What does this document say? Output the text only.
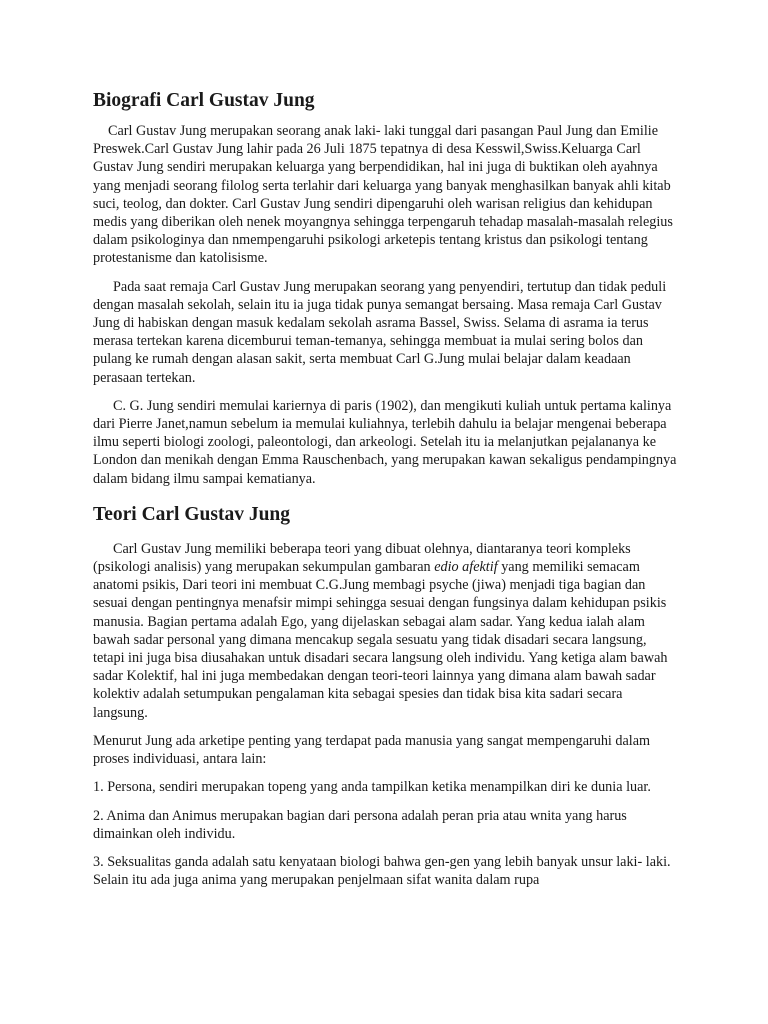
Biografi Carl Gustav Jung

Carl Gustav Jung merupakan seorang anak laki- laki tunggal dari pasangan Paul Jung dan Emilie Preswek.Carl Gustav Jung lahir pada 26 Juli 1875 tepatnya di desa Kesswil,Swiss.Keluarga Carl Gustav Jung sendiri merupakan keluarga yang berpendidikan, hal ini juga di buktikan oleh ayahnya yang menjadi seorang filolog serta terlahir dari keluarga yang banyak menghasilkan banyak ahli kitab suci, teolog, dan dokter. Carl Gustav Jung sendiri dipengaruhi oleh warisan religius dan kehidupan medis yang diberikan oleh nenek moyangnya sehingga terpengaruh tehadap masalah-masalah relegius dalam psikologinya dan nmempengaruhi psikologi arketepis tentang kristus dan psikologi tentang protestanisme dan katolisisme.

Pada saat remaja Carl Gustav Jung merupakan seorang yang penyendiri, tertutup dan tidak peduli dengan masalah sekolah, selain itu ia juga tidak punya semangat bersaing. Masa remaja Carl Gustav Jung di habiskan dengan masuk kedalam sekolah asrama Bassel, Swiss. Selama di asrama ia terus merasa tertekan karena dicemburui teman-temanya, sehingga membuat ia mulai sering bolos dan pulang ke rumah dengan alasan sakit, serta membuat Carl G.Jung mulai belajar dalam keadaan perasaan tertekan.

C. G. Jung sendiri memulai kariernya di paris (1902), dan mengikuti kuliah untuk pertama kalinya dari Pierre Janet,namun sebelum ia memulai kuliahnya, terlebih dahulu ia belajar mengenai beberapa ilmu seperti biologi zoologi, paleontologi, dan arkeologi. Setelah itu ia melanjutkan pejalananya ke London dan menikah dengan Emma Rauschenbach, yang merupakan kawan sekaligus pendampingnya dalam bidang ilmu sampai kematianya.

Teori Carl Gustav Jung

Carl Gustav Jung memiliki beberapa teori yang dibuat olehnya, diantaranya teori kompleks (psikologi analisis) yang merupakan sekumpulan gambaran edio afektif yang memiliki semacam anatomi psikis, Dari teori ini membuat C.G.Jung membagi psyche (jiwa) menjadi tiga bagian dan sesuai dengan pentingnya menafsir mimpi sehingga sesuai dengan fungsinya dalam kehidupan psikis manusia. Bagian pertama adalah Ego, yang dijelaskan sebagai alam sadar. Yang kedua ialah alam bawah sadar personal yang dimana mencakup segala sesuatu yang tidak disadari secara langsung, tetapi ini juga bisa diusahakan untuk disadari secara langsung oleh individu. Yang ketiga alam bawah sadar Kolektif, hal ini juga membedakan dengan teori-teori lainnya yang dimana alam bawah sadar kolektiv adalah setumpukan pengalaman kita sebagai spesies dan tidak bisa kita sadari secara langsung.

Menurut Jung ada arketipe penting yang terdapat pada manusia yang sangat mempengaruhi dalam proses individuasi, antara lain:

1. Persona, sendiri merupakan topeng yang anda tampilkan ketika menampilkan diri ke dunia luar.

2. Anima dan Animus merupakan bagian dari persona adalah peran pria atau wnita yang harus dimainkan oleh individu.

3. Seksualitas ganda adalah satu kenyataan biologi bahwa gen-gen yang lebih banyak unsur laki- laki. Selain itu ada juga anima yang merupakan penjelmaan sifat wanita dalam rupa
